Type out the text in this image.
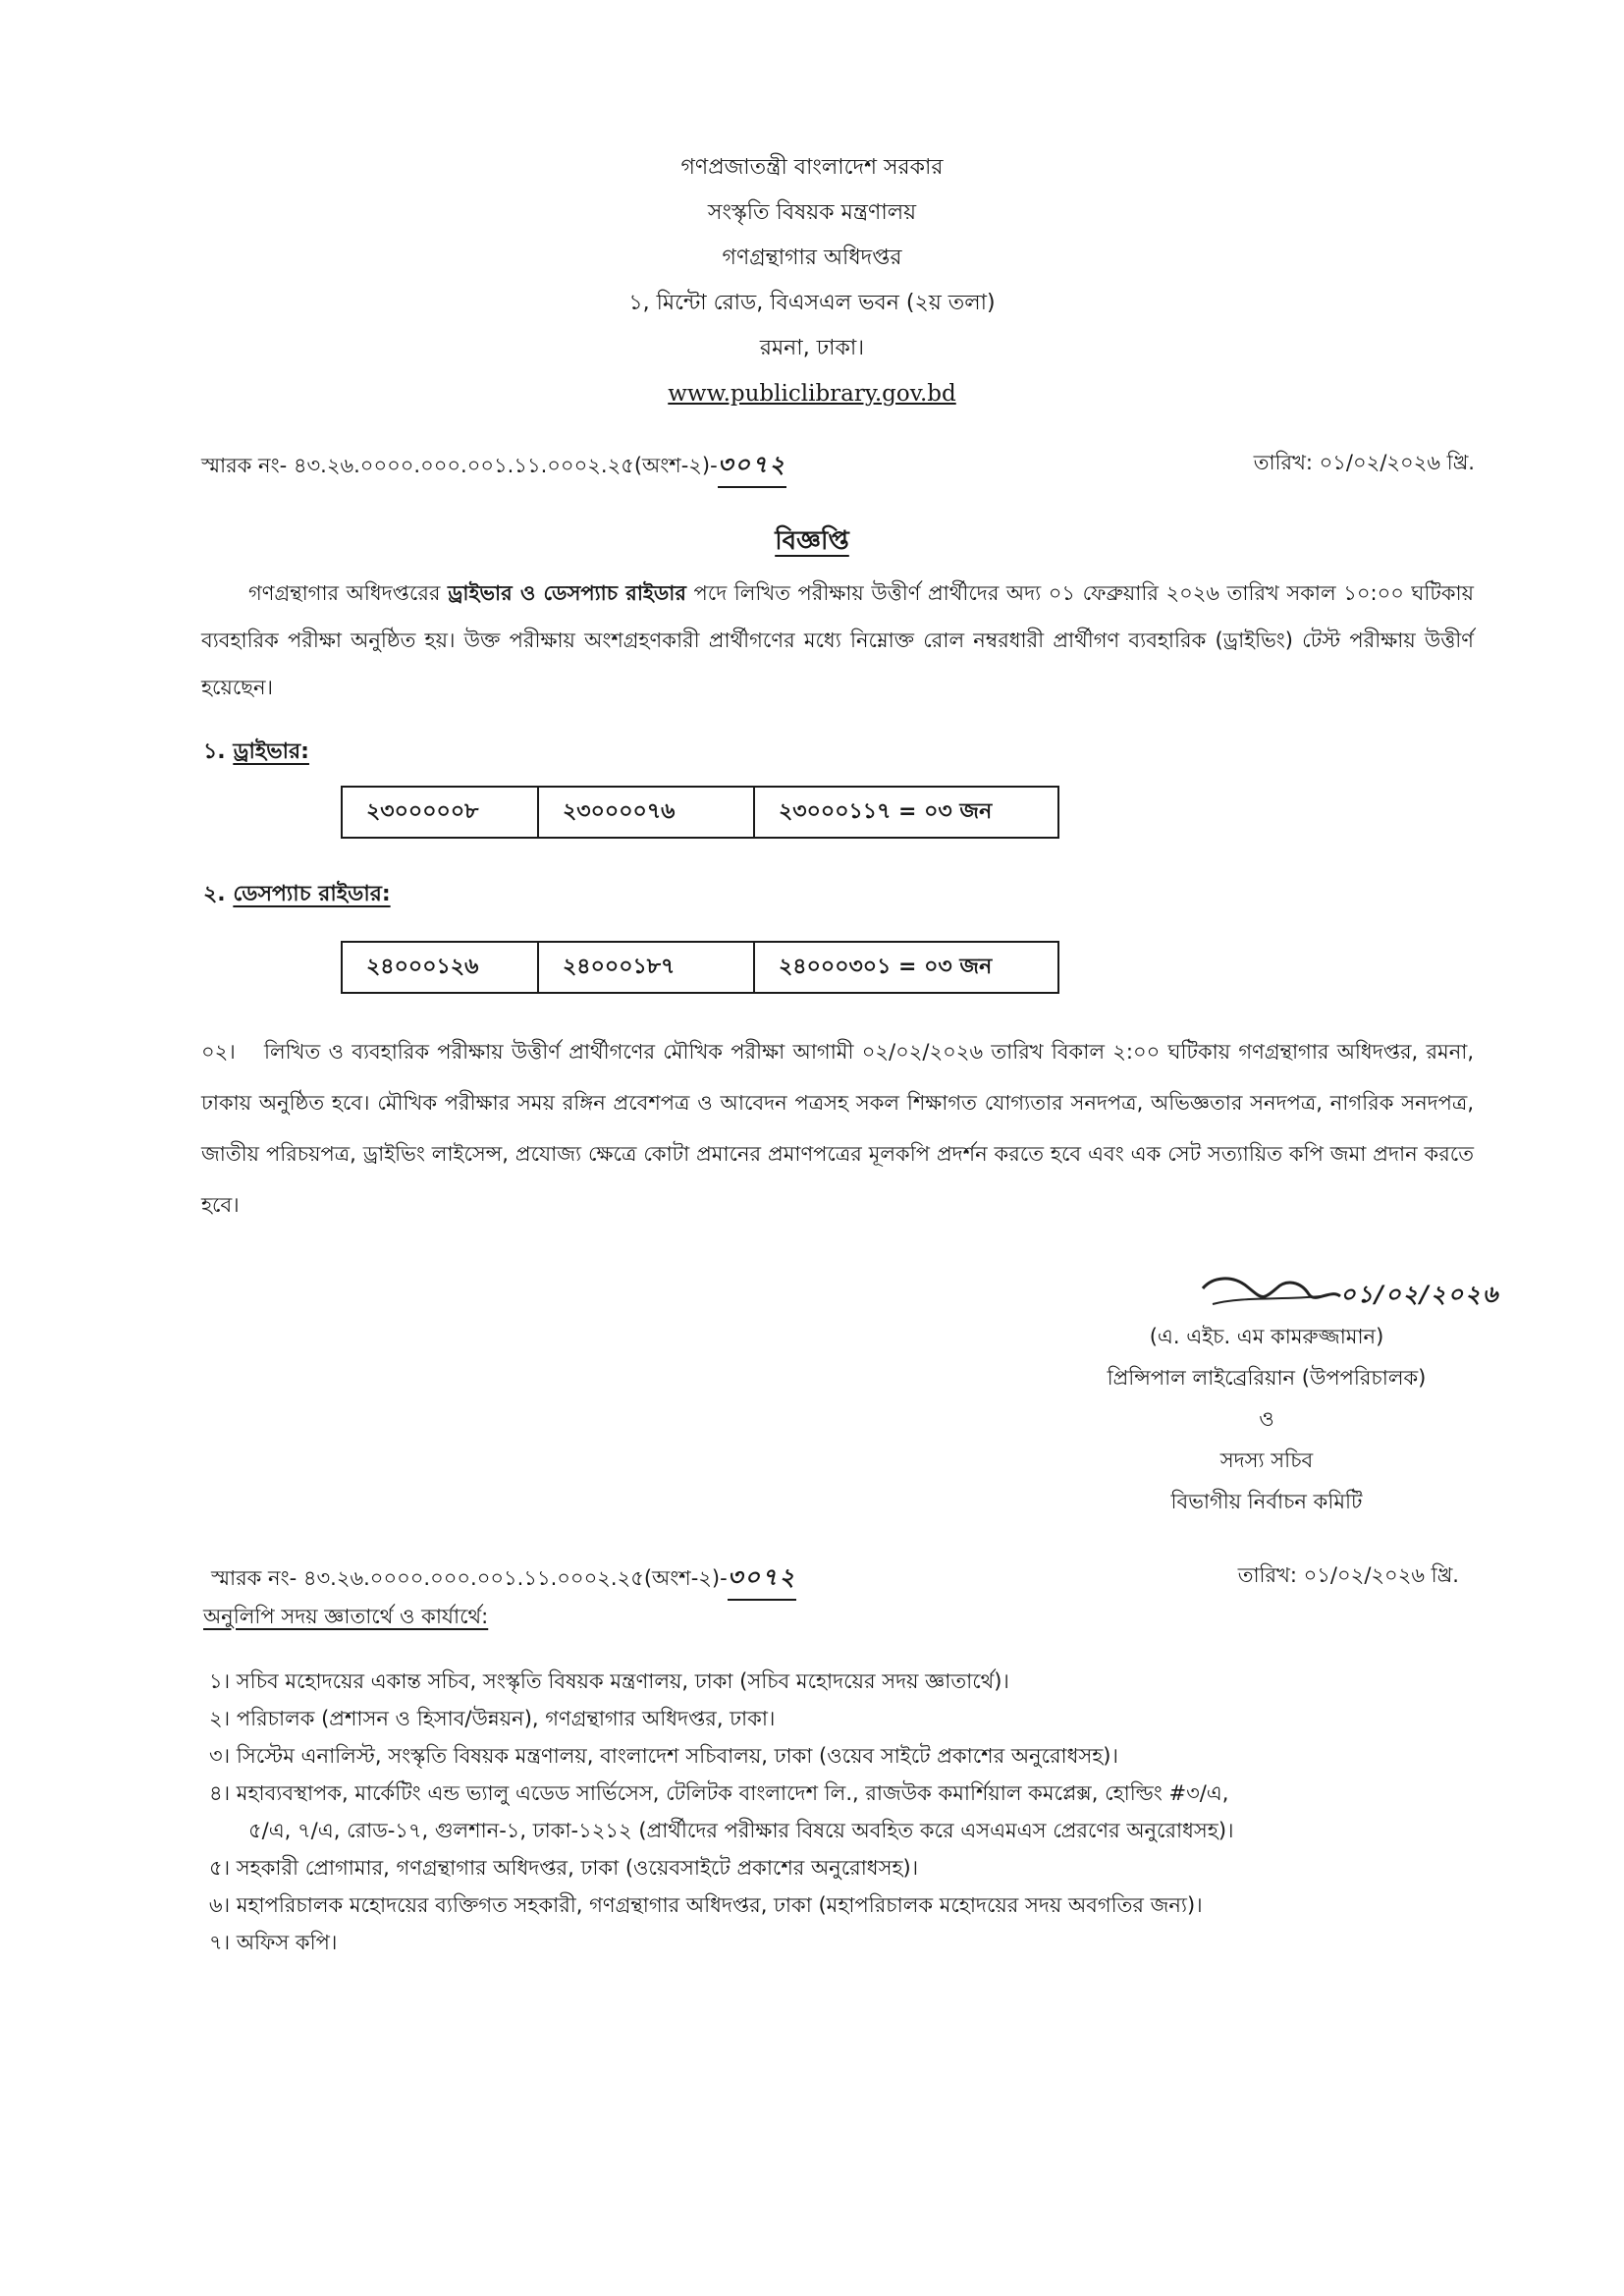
গণপ্রজাতন্ত্রী বাংলাদেশ সরকার
সংস্কৃতি বিষয়ক মন্ত্রণালয়
গণগ্রন্থাগার অধিদপ্তর
১, মিন্টো রোড, বিএসএল ভবন (২য় তলা)
রমনা, ঢাকা।
www.publiclibrary.gov.bd
স্মারক নং- ৪৩.২৬.০০০০.০০০.০০১.১১.০০০২.২৫(অংশ-২)-৩০৭২	তারিখ: ০১/০২/২০২৬ খ্রি.
বিজ্ঞপ্তি
গণগ্রন্থাগার অধিদপ্তরের ড্রাইভার ও ডেসপ্যাচ রাইডার পদে লিখিত পরীক্ষায় উত্তীর্ণ প্রার্থীদের অদ্য ০১ ফেব্রুয়ারি ২০২৬ তারিখ সকাল ১০:০০ ঘটিকায় ব্যবহারিক পরীক্ষা অনুষ্ঠিত হয়। উক্ত পরীক্ষায় অংশগ্রহণকারী প্রার্থীগণের মধ্যে নিম্নোক্ত রোল নম্বরধারী প্রার্থীগণ ব্যবহারিক (ড্রাইভিং) টেস্ট পরীক্ষায় উত্তীর্ণ হয়েছেন।
১. ড্রাইভার:
২৩০০০০০৮	২৩০০০০৭৬	২৩০০০১১৭ = ০৩ জন
২. ডেসপ্যাচ রাইডার:
২৪০০০১২৬	২৪০০০১৮৭	২৪০০০৩০১ = ০৩ জন
০২। লিখিত ও ব্যবহারিক পরীক্ষায় উত্তীর্ণ প্রার্থীগণের মৌখিক পরীক্ষা আগামী ০২/০২/২০২৬ তারিখ বিকাল ২:০০ ঘটিকায় গণগ্রন্থাগার অধিদপ্তর, রমনা, ঢাকায় অনুষ্ঠিত হবে। মৌখিক পরীক্ষার সময় রঙ্গিন প্রবেশপত্র ও আবেদন পত্রসহ সকল শিক্ষাগত যোগ্যতার সনদপত্র, অভিজ্ঞতার সনদপত্র, নাগরিক সনদপত্র, জাতীয় পরিচয়পত্র, ড্রাইভিং লাইসেন্স, প্রযোজ্য ক্ষেত্রে কোটা প্রমানের প্রমাণপত্রের মূলকপি প্রদর্শন করতে হবে এবং এক সেট সত্যায়িত কপি জমা প্রদান করতে হবে।
০১/০২/২০২৬
(এ. এইচ. এম কামরুজ্জামান)
প্রিন্সিপাল লাইব্রেরিয়ান (উপপরিচালক)
ও
সদস্য সচিব
বিভাগীয় নির্বাচন কমিটি
স্মারক নং- ৪৩.২৬.০০০০.০০০.০০১.১১.০০০২.২৫(অংশ-২)-৩০৭২	তারিখ: ০১/০২/২০২৬ খ্রি.
অনুলিপি সদয় জ্ঞাতার্থে ও কার্যার্থে:
১। সচিব মহোদয়ের একান্ত সচিব, সংস্কৃতি বিষয়ক মন্ত্রণালয়, ঢাকা (সচিব মহোদয়ের সদয় জ্ঞাতার্থে)।
২। পরিচালক (প্রশাসন ও হিসাব/উন্নয়ন), গণগ্রন্থাগার অধিদপ্তর, ঢাকা।
৩। সিস্টেম এনালিস্ট, সংস্কৃতি বিষয়ক মন্ত্রণালয়, বাংলাদেশ সচিবালয়, ঢাকা (ওয়েব সাইটে প্রকাশের অনুরোধসহ)।
৪। মহাব্যবস্থাপক, মার্কেটিং এন্ড ভ্যালু এডেড সার্ভিসেস, টেলিটক বাংলাদেশ লি., রাজউক কমার্শিয়াল কমপ্লেক্স, হোল্ডিং #৩/এ,
৫/এ, ৭/এ, রোড-১৭, গুলশান-১, ঢাকা-১২১২ (প্রার্থীদের পরীক্ষার বিষয়ে অবহিত করে এসএমএস প্রেরণের অনুরোধসহ)।
৫। সহকারী প্রোগামার, গণগ্রন্থাগার অধিদপ্তর, ঢাকা (ওয়েবসাইটে প্রকাশের অনুরোধসহ)।
৬। মহাপরিচালক মহোদয়ের ব্যক্তিগত সহকারী, গণগ্রন্থাগার অধিদপ্তর, ঢাকা (মহাপরিচালক মহোদয়ের সদয় অবগতির জন্য)।
৭। অফিস কপি।
